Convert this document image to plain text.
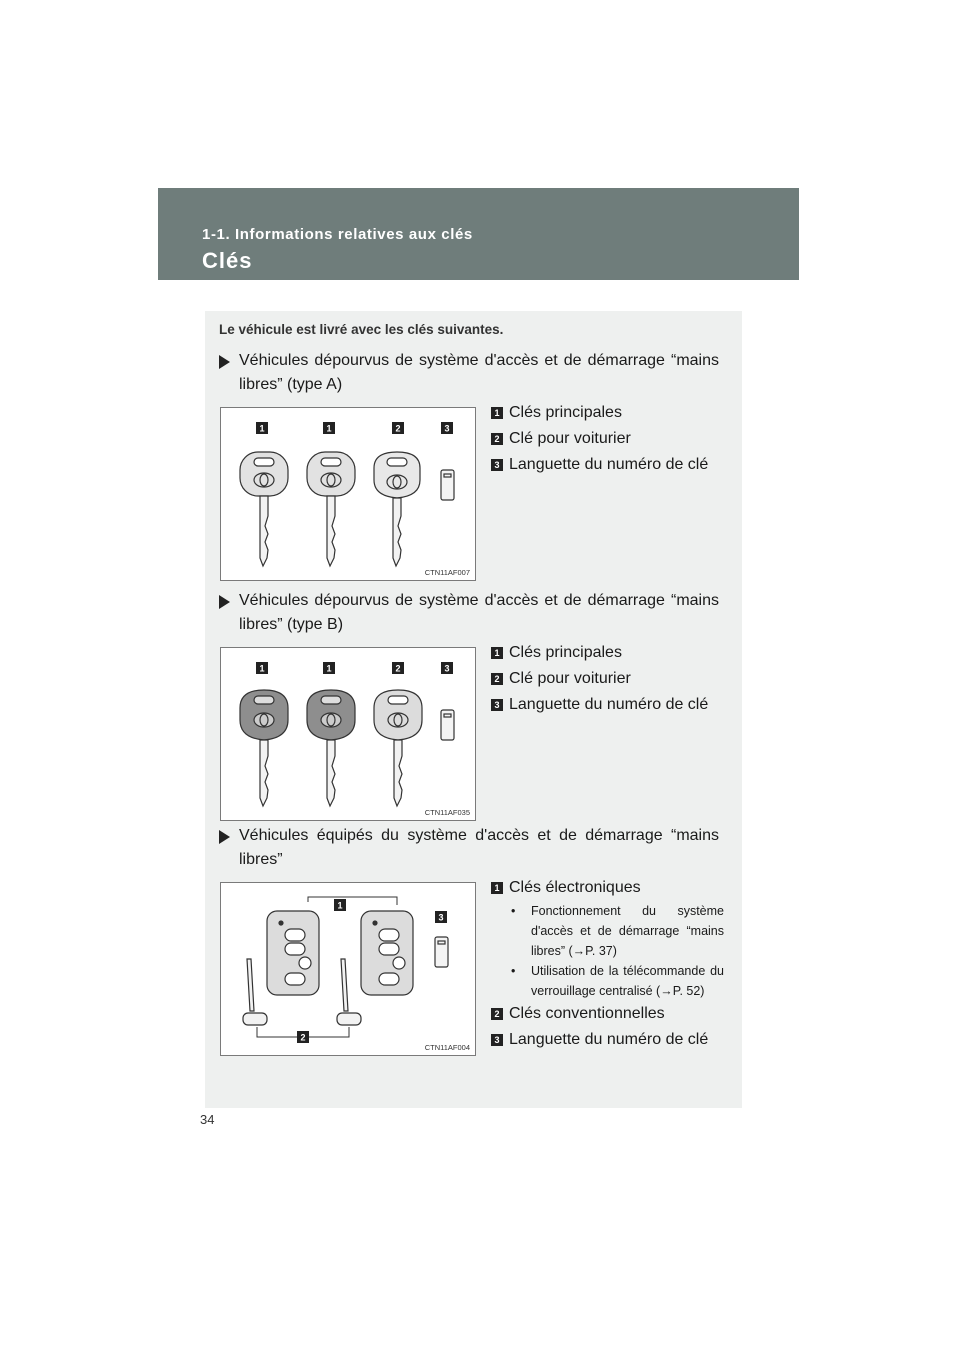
1-1. Informations relatives aux clés
Clés
Le véhicule est livré avec les clés suivantes.
Véhicules dépourvus de système d'accès et de démarrage “mains libres” (type A)
1	1	2	3
CTN11AF007
1 Clés principales
2 Clé pour voiturier
3 Languette du numéro de clé
Véhicules dépourvus de système d'accès et de démarrage “mains libres” (type B)
1	1	2	3
CTN11AF035
1 Clés principales
2 Clé pour voiturier
3 Languette du numéro de clé
Véhicules équipés du système d'accès et de démarrage “mains libres”
1
3
2
CTN11AF004
1 Clés électroniques
• Fonctionnement du système d'accès et de démarrage “mains libres” (→P. 37)
• Utilisation de la télécommande du verrouillage centralisé (→P. 52)
2 Clés conventionnelles
3 Languette du numéro de clé
34
